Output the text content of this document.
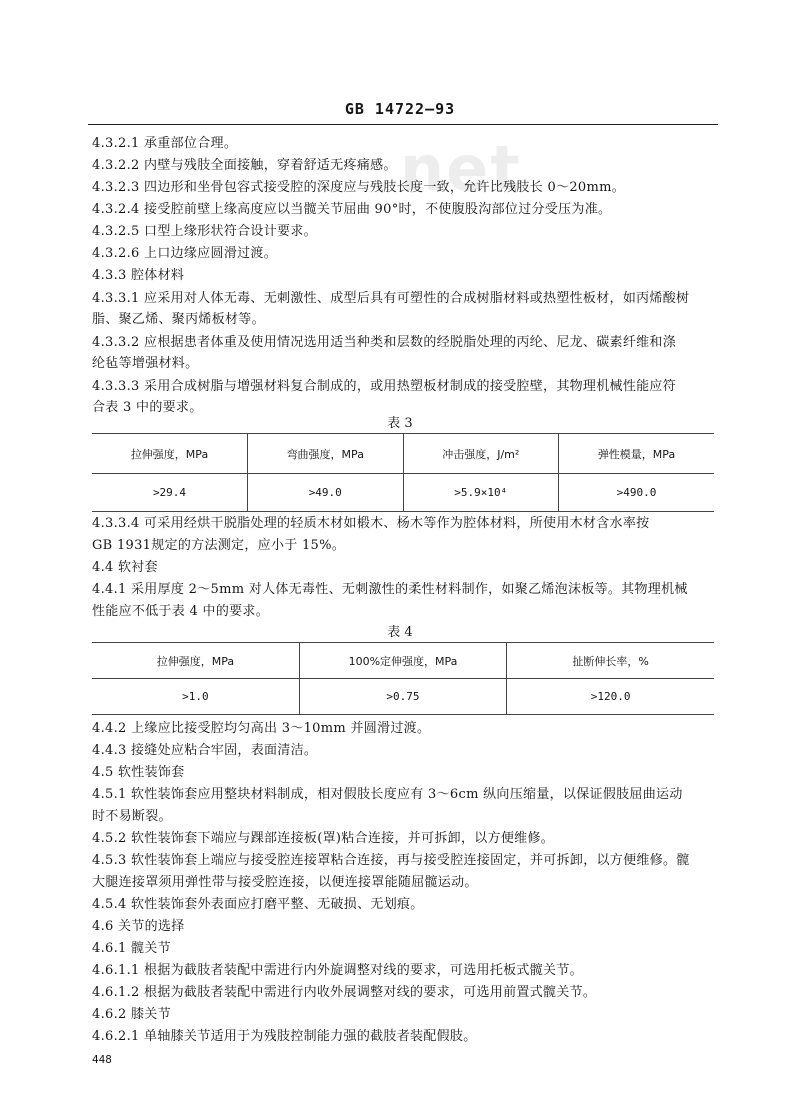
GB 14722—93
net
4.3.2.1 承重部位合理。
4.3.2.2 内壁与残肢全面接触，穿着舒适无疼痛感。
4.3.2.3 四边形和坐骨包容式接受腔的深度应与残肢长度一致，允许比残肢长 0～20mm。
4.3.2.4 接受腔前壁上缘高度应以当髋关节屈曲 90°时，不使腹股沟部位过分受压为准。
4.3.2.5 口型上缘形状符合设计要求。
4.3.2.6 上口边缘应圆滑过渡。
4.3.3 腔体材料
4.3.3.1 应采用对人体无毒、无刺激性、成型后具有可塑性的合成树脂材料或热塑性板材，如丙烯酸树
脂、聚乙烯、聚丙烯板材等。
4.3.3.2 应根据患者体重及使用情况选用适当种类和层数的经脱脂处理的丙纶、尼龙、碳素纤维和涤
纶毡等增强材料。
4.3.3.3 采用合成树脂与增强材料复合制成的，或用热塑板材制成的接受腔壁，其物理机械性能应符
合表 3 中的要求。
表 3
拉伸强度，MPa	弯曲强度，MPa	冲击强度，J/m²	弹性模量，MPa
>29.4	>49.0	>5.9×10⁴	>490.0
4.3.3.4 可采用经烘干脱脂处理的轻质木材如椴木、杨木等作为腔体材料，所使用木材含水率按
GB 1931规定的方法测定，应小于 15%。
4.4 软衬套
4.4.1 采用厚度 2～5mm 对人体无毒性、无刺激性的柔性材料制作，如聚乙烯泡沫板等。其物理机械
性能应不低于表 4 中的要求。
表 4
拉伸强度，MPa	100%定伸强度，MPa	扯断伸长率，%
>1.0	>0.75	>120.0
4.4.2 上缘应比接受腔均匀高出 3～10mm 并圆滑过渡。
4.4.3 接缝处应粘合牢固，表面清洁。
4.5 软性装饰套
4.5.1 软性装饰套应用整块材料制成，相对假肢长度应有 3～6cm 纵向压缩量，以保证假肢屈曲运动
时不易断裂。
4.5.2 软性装饰套下端应与踝部连接板(罩)粘合连接，并可拆卸，以方便维修。
4.5.3 软性装饰套上端应与接受腔连接罩粘合连接，再与接受腔连接固定，并可拆卸，以方便维修。髋
大腿连接罩须用弹性带与接受腔连接，以便连接罩能随屈髋运动。
4.5.4 软性装饰套外表面应打磨平整、无破损、无划痕。
4.6 关节的选择
4.6.1 髋关节
4.6.1.1 根据为截肢者装配中需进行内外旋调整对线的要求，可选用托板式髋关节。
4.6.1.2 根据为截肢者装配中需进行内收外展调整对线的要求，可选用前置式髋关节。
4.6.2 膝关节
4.6.2.1 单轴膝关节适用于为残肢控制能力强的截肢者装配假肢。
448
